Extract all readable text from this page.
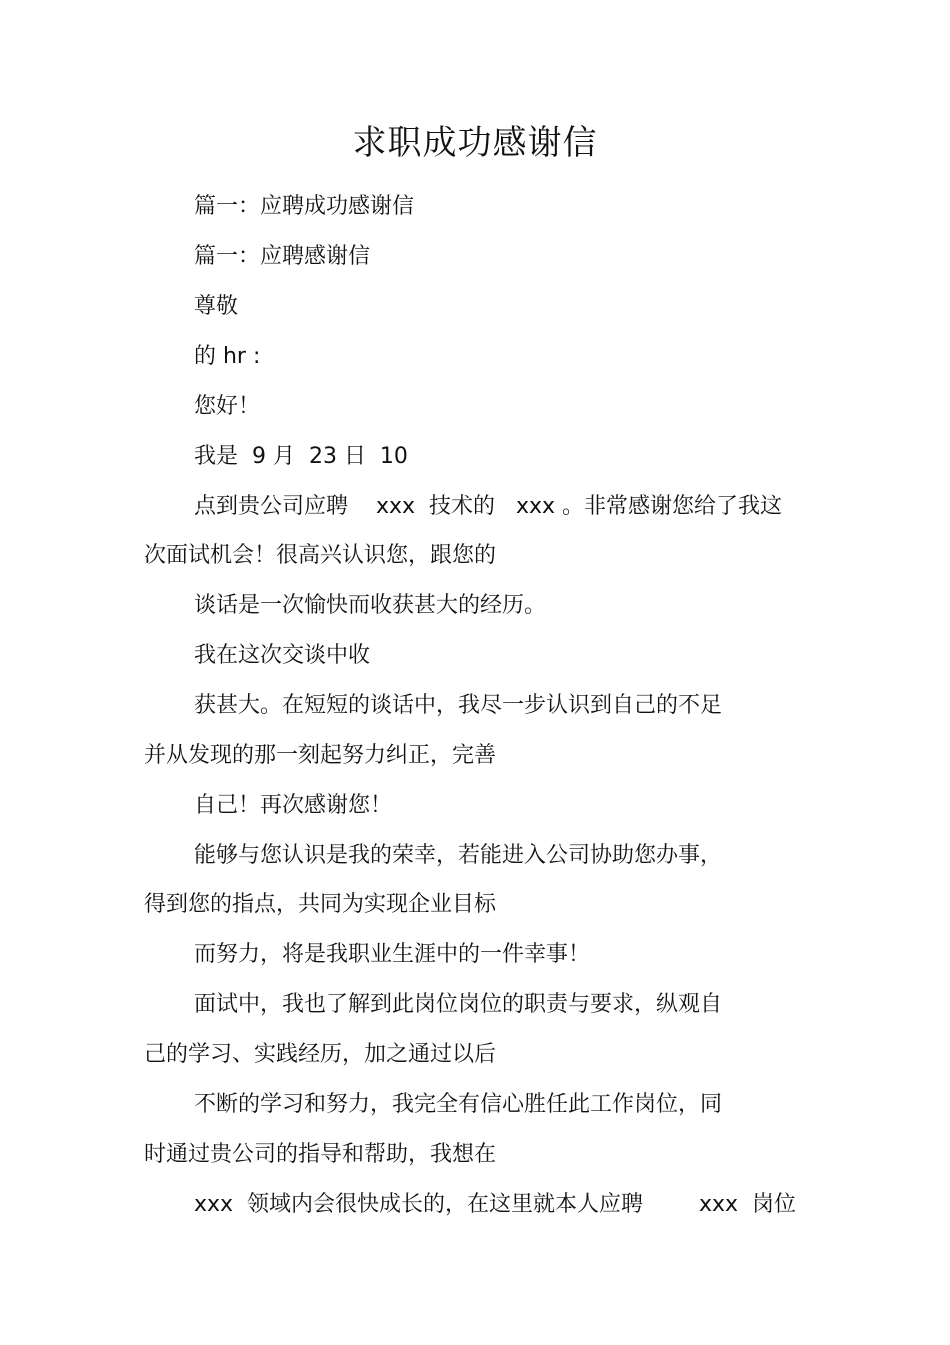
求职成功感谢信
篇一：应聘成功感谢信
篇一：应聘感谢信
尊敬
的 hr :
您好！
我是  9 月  23 日  10
点到贵公司应聘    xxx  技术的   xxx 。非常感谢您给了我这
次面试机会！很高兴认识您，跟您的
谈话是一次愉快而收获甚大的经历。
我在这次交谈中收
获甚大。在短短的谈话中，我尽一步认识到自己的不足
并从发现的那一刻起努力纠正，完善
自己！再次感谢您！
能够与您认识是我的荣幸，若能进入公司协助您办事，
得到您的指点，共同为实现企业目标
而努力，将是我职业生涯中的一件幸事！
面试中，我也了解到此岗位岗位的职责与要求，纵观自
己的学习、实践经历，加之通过以后
不断的学习和努力，我完全有信心胜任此工作岗位，同
时通过贵公司的指导和帮助，我想在
xxx  领域内会很快成长的，在这里就本人应聘        xxx  岗位
